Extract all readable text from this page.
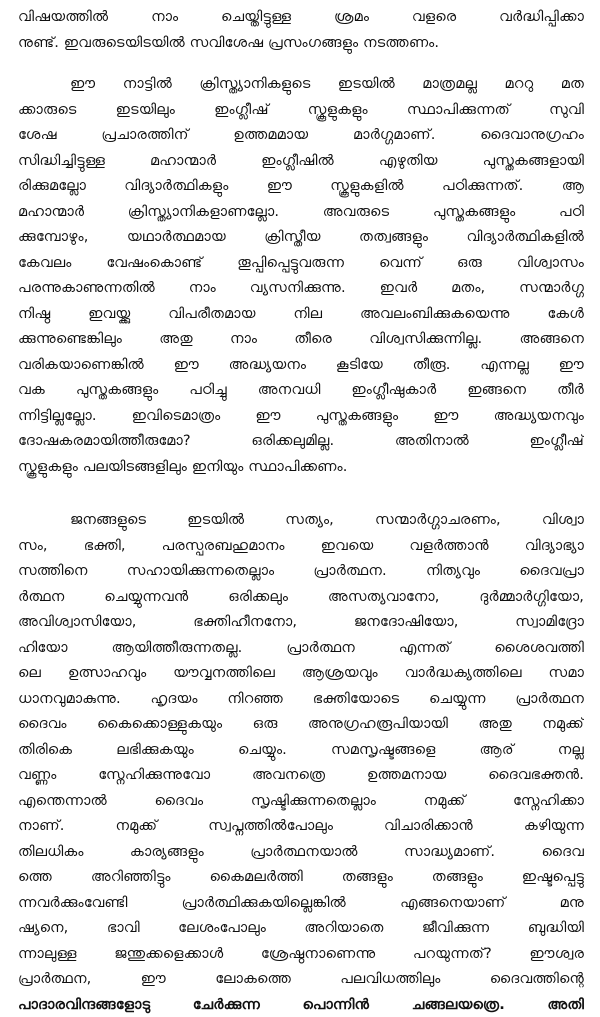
വിഷയത്തിൽ നാം ചെയ്തിട്ടുള്ള ശ്രമം വളരെ വർദ്ധിപ്പിക്കാ
നുണ്ട്. ഇവരുടെയിടയിൽ സവിശേഷ പ്രസംഗങ്ങളും നടത്തണം.
ഈ നാട്ടിൽ ക്രിസ്ത്യാനികളുടെ ഇടയിൽ മാത്രമല്ല മററു മത
ക്കാരുടെ ഇടയിലും ഇംഗ്ലീഷ് സ്കൂളുകളും സ്ഥാപിക്കുന്നത് സുവി
ശേഷ പ്രചാരത്തിന് ഉത്തമമായ മാർഗ്ഗമാണ്. ദൈവാനുഗ്രഹം
സിദ്ധിച്ചിട്ടുള്ള മഹാന്മാർ ഇംഗ്ലീഷിൽ എഴുതിയ പുസ്തകങ്ങളായി
രിക്കുമല്ലോ വിദ്യാർത്ഥികളും ഈ സ്കൂളുകളിൽ പഠിക്കുന്നത്. ആ
മഹാന്മാർ ക്രിസ്ത്യാനികളാണല്ലോ. അവരുടെ പുസ്തകങ്ങളും പഠി
ക്കുമ്പോഴും, യഥാർത്ഥമായ ക്രിസ്തീയ തത്വങ്ങളും വിദ്യാർത്ഥികളിൽ
കേവലം വേഷംകൊണ്ട് തൂപ്പിപ്പെട്ടുവരുന്ന വെന്ന് ഒരു വിശ്വാസം
പരന്നുകാണുന്നതിൽ നാം വ്യസനിക്കുന്നു. ഇവർ മതം, സന്മാർഗ്ഗ
നിഷ്ഠ ഇവയ്ക്കു വിപരീതമായ നില അവലംബിക്കുകയെന്നു കേൾ
ക്കുന്നുണ്ടെങ്കിലും അതു നാം തീരെ വിശ്വസിക്കുന്നില്ല. അങ്ങനെ
വരികയാണെങ്കിൽ ഈ അദ്ധ്യയനം കൂടിയേ തീരൂ. എന്നല്ല ഈ
വക പുസ്തകങ്ങളും പഠിച്ചു അനവധി ഇംഗ്ലീഷുകാർ ഇങ്ങനെ തീർ
ന്നിട്ടില്ലല്ലോ. ഇവിടെമാത്രം ഈ പുസ്തകങ്ങളും ഈ അദ്ധ്യയനവും
ദോഷകരമായിത്തീരുമോ? ഒരിക്കലുമില്ല. അതിനാൽ ഇംഗ്ലീഷ്
സ്കൂളുകളും പലയിടങ്ങളിലും ഇനിയും സ്ഥാപിക്കണം.
ജനങ്ങളുടെ ഇടയിൽ സത്യം, സന്മാർഗ്ഗാചരണം, വിശ്വാ
സം, ഭക്തി, പരസ്പരബഹുമാനം ഇവയെ വളർത്താൻ വിദ്യാഭ്യാ
സത്തിനെ സഹായിക്കുന്നതെല്ലാം പ്രാർത്ഥന. നിത്യവും ദൈവപ്രാ
ർത്ഥന ചെയ്യുന്നവൻ ഒരിക്കലും അസത്യവാനോ, ദുർമ്മാർഗ്ഗിയോ,
അവിശ്വാസിയോ, ഭക്തിഹീനനോ, ജനദോഷിയോ, സ്വാമിദ്രോ
ഹിയോ ആയിത്തീരുന്നതല്ല. പ്രാർത്ഥന എന്നത് ശൈശവത്തി
ലെ ഉത്സാഹവും യൗവ്വനത്തിലെ ആശ്രയവും വാർദ്ധക്യത്തിലെ സമാ
ധാനവുമാകുന്നു. ഹൃദയം നിറഞ്ഞ ഭക്തിയോടെ ചെയ്യുന്ന പ്രാർത്ഥന
ദൈവം കൈക്കൊള്ളുകയും ഒരു അനുഗ്രഹരൂപിയായി അതു നമുക്ക്
തിരികെ ലഭിക്കുകയും ചെയ്യും. സമസൃഷ്ടങ്ങളെ ആര് നല്ല
വണ്ണം സ്നേഹിക്കുന്നുവോ അവനത്രെ ഉത്തമനായ ദൈവഭക്തൻ.
എന്തെന്നാൽ ദൈവം സൃഷ്ടിക്കുന്നതെല്ലാം നമുക്ക് സ്നേഹിക്കാ
നാണ്. നമുക്ക് സ്വപ്നത്തിൽപോലും വിചാരിക്കാൻ കഴിയുന്ന
തിലധികം കാര്യങ്ങളും പ്രാർത്ഥനയാൽ സാദ്ധ്യമാണ്. ദൈവ
ത്തെ അറിഞ്ഞിട്ടും കൈമലർത്തി തങ്ങളും തങ്ങളും ഇഷ്ടപ്പെട്ടു
ന്നവർക്കുംവേണ്ടി പ്രാർത്ഥിക്കുകയില്ലെങ്കിൽ എങ്ങനെയാണ് മനു
ഷ്യനെ, ഭാവി ലേശംപോലും അറിയാതെ ജീവിക്കുന്ന ബുദ്ധിയി
ന്നാലുള്ള ജന്തുക്കളെക്കാൾ ശ്രേഷ്ഠനാണെന്നു പറയുന്നത്? ഈശ്വര
പ്രാർത്ഥന, ഈ ലോകത്തെ പലവിധത്തിലും ദൈവത്തിന്റെ
പാദാരവിന്ദങ്ങളോടു ചേർക്കുന്ന പൊന്നിൻ ചങ്ങലയത്രെ. അതി
